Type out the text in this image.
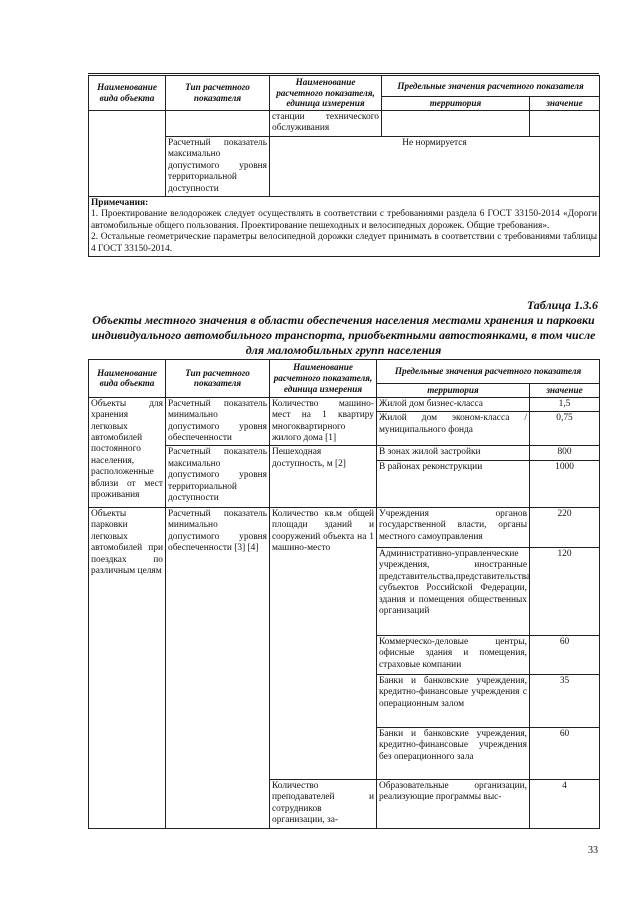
Наименование вида объекта	Тип расчетного показателя	Наименование расчетного показателя, единица измерения	Предельные значения расчетного показателя	
			территория	значение
		станции технического обслуживания		
	Расчетный показатель максимально допустимого уровня территориальной доступности	Не нормируется		

Примечания:
1. Проектирование велодорожек следует осуществлять в соответствии с требованиями раздела 6 ГОСТ 33150-2014 «Дороги автомобильные общего пользования. Проектирование пешеходных и велосипедных дорожек. Общие требования».
2. Остальные геометрические параметры велосипедной дорожки следует принимать в соответствии с требованиями таблицы 4 ГОСТ 33150-2014.				
Таблица 1.3.6
Объекты местного значения в области обеспечения населения местами хранения и парковки индивидуального автомобильного транспорта, приобъектными автостоянками, в том числе для маломобильных групп населения
Наименование вида объекта	Тип расчетного показателя	Наименование расчетного показателя, единица измерения	Предельные значения расчетного показателя	
			территория	значение
Объекты для хранения легковых автомобилей постоянного населения, расположенные вблизи от мест проживания	Расчетный показатель минимально допустимого уровня обеспеченности	Количество машино-мест на 1 квартиру многоквартирного жилого дома [1]	Жилой дом бизнес-класса	1,5
			Жилой дом эконом-класса / муниципального фонда	0,75
	Расчетный показатель максимально допустимого уровня территориальной доступности	Пешеходная доступность, м [2]	В зонах жилой застройки	800
			В районах реконструкции	1000
Объекты парковки легковых автомобилей при поездках по различным целям	Расчетный показатель минимально допустимого уровня обеспеченности [3] [4]	Количество кв.м общей площади зданий и сооружений объекта на 1 машино-место	Учреждения органов государственной власти, органы местного самоуправления	220
			Административно-управленческие учреждения, иностранные представительства,представительства субъектов Российской Федерации, здания и помещения общественных организаций	120
			Коммерческо-деловые центры, офисные здания и помещения, страховые компании	60
			Банки и банковские учреждения, кредитно-финансовые учреждения с операционным залом	35
			Банки и банковские учреждения, кредитно-финансовые учреждения без операционного зала	60
		Количество преподавателей и сотрудников организации, за-	Образовательные организации, реализующие программы выс-	4
33
